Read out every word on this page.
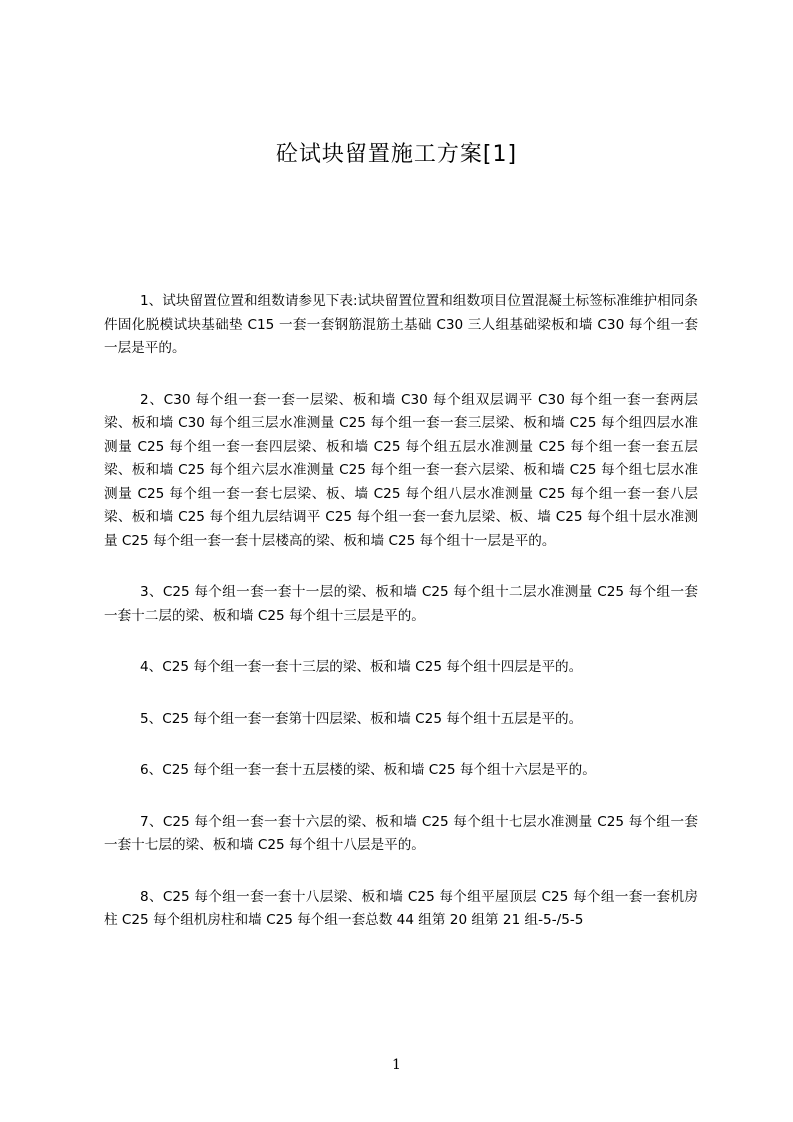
砼试块留置施工方案[1]

1、试块留置位置和组数请参见下表:试块留置位置和组数项目位置混凝土标签标准维护相同条件固化脱模试块基础垫 C15 一套一套钢筋混筋土基础 C30 三人组基础梁板和墙 C30 每个组一套一层是平的。

2、C30 每个组一套一套一层梁、板和墙 C30 每个组双层调平 C30 每个组一套一套两层梁、板和墙 C30 每个组三层水准测量 C25 每个组一套一套三层梁、板和墙 C25 每个组四层水准测量 C25 每个组一套一套四层梁、板和墙 C25 每个组五层水准测量 C25 每个组一套一套五层梁、板和墙 C25 每个组六层水准测量 C25 每个组一套一套六层梁、板和墙 C25 每个组七层水准测量 C25 每个组一套一套七层梁、板、墙 C25 每个组八层水准测量 C25 每个组一套一套八层梁、板和墙 C25 每个组九层结调平 C25 每个组一套一套九层梁、板、墙 C25 每个组十层水准测量 C25 每个组一套一套十层楼高的梁、板和墙 C25 每个组十一层是平的。

3、C25 每个组一套一套十一层的梁、板和墙 C25 每个组十二层水准测量 C25 每个组一套一套十二层的梁、板和墙 C25 每个组十三层是平的。

4、C25 每个组一套一套十三层的梁、板和墙 C25 每个组十四层是平的。

5、C25 每个组一套一套第十四层梁、板和墙 C25 每个组十五层是平的。

6、C25 每个组一套一套十五层楼的梁、板和墙 C25 每个组十六层是平的。

7、C25 每个组一套一套十六层的梁、板和墙 C25 每个组十七层水准测量 C25 每个组一套一套十七层的梁、板和墙 C25 每个组十八层是平的。

8、C25 每个组一套一套十八层梁、板和墙 C25 每个组平屋顶层 C25 每个组一套一套机房柱 C25 每个组机房柱和墙 C25 每个组一套总数 44 组第 20 组第 21 组-5-/5-5

1
